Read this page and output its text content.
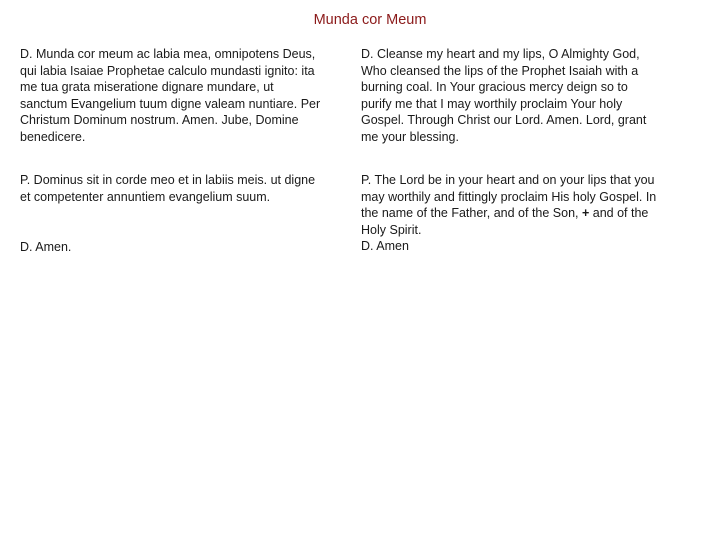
Munda cor Meum
D. Munda cor meum ac labia mea, omnipotens Deus,
qui labia Isaiae Prophetae calculo mundasti ignito: ita
me tua grata miseratione dignare mundare, ut
sanctum Evangelium tuum digne valeam nuntiare. Per
Christum Dominum nostrum. Amen. Jube, Domine
benedicere.
P. Dominus sit in corde meo et in labiis meis. ut digne
et competenter annuntiem evangelium suum.
D. Amen.
D. Cleanse my heart and my lips, O Almighty God,
Who cleansed the lips of the Prophet Isaiah with a
burning coal. In Your gracious mercy deign so to
purify me that I may worthily proclaim Your holy
Gospel. Through Christ our Lord. Amen. Lord, grant
me your blessing.
P. The Lord be in your heart and on your lips that you
may worthily and fittingly proclaim His holy Gospel. In
the name of the Father, and of the Son, + and of the
Holy Spirit.
D. Amen
